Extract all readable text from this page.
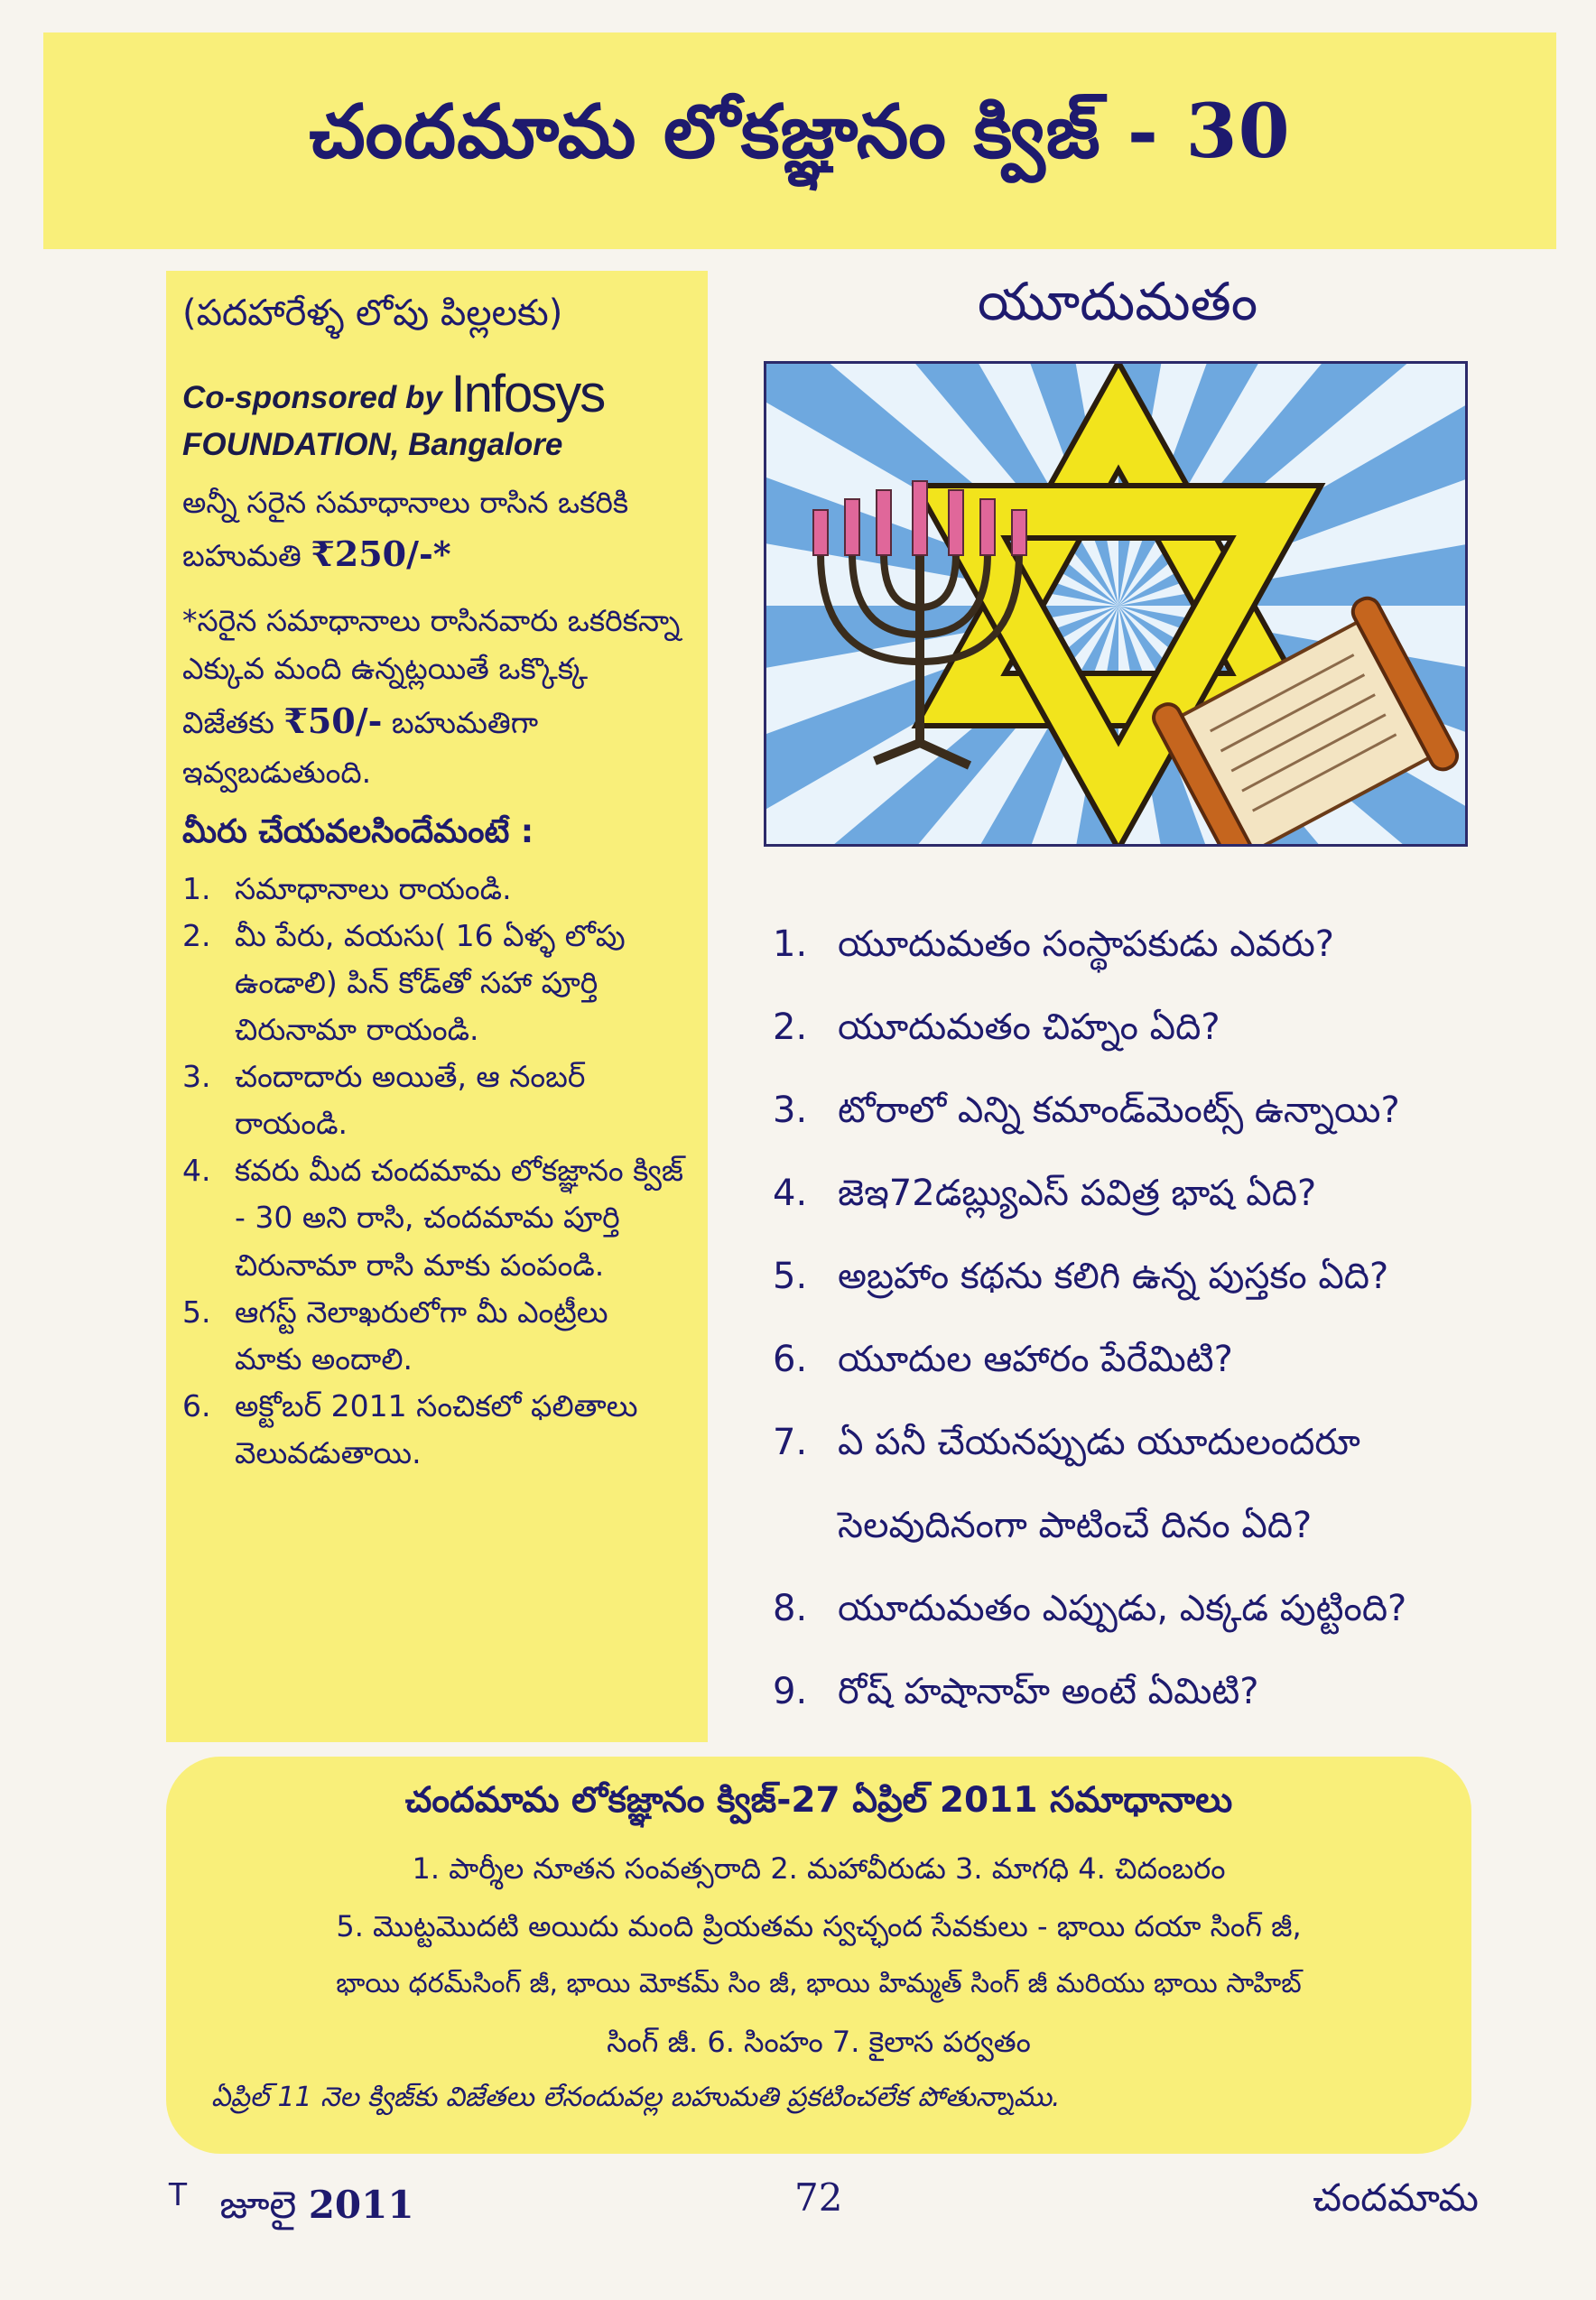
చందమామ లోకజ్ఞానం క్విజ్ - 30
(పదహారేళ్ళ లోపు పిల్లలకు)
Co-sponsored by Infosys
FOUNDATION, Bangalore

అన్నీ సరైన సమాధానాలు రాసిన ఒకరికి బహుమతి ₹250/-*

*సరైన సమాధానాలు రాసినవారు ఒకరికన్నా ఎక్కువ మంది ఉన్నట్లయితే ఒక్కొక్క విజేతకు ₹50/- బహుమతిగా ఇవ్వబడుతుంది.

మీరు చేయవలసిందేమంటే :
1. సమాధానాలు రాయండి.
2. మీ పేరు, వయసు( 16 ఏళ్ళ లోపు ఉండాలి) పిన్ కోడ్‌తో సహా పూర్తి చిరునామా రాయండి.
3. చందాదారు అయితే, ఆ నంబర్ రాయండి.
4. కవరు మీద చందమామ లోకజ్ఞానం క్విజ్ - 30 అని రాసి, చందమామ పూర్తి చిరునామా రాసి మాకు పంపండి.
5. ఆగస్ట్ నెలాఖరులోగా మీ ఎంట్రీలు మాకు అందాలి.
6. అక్టోబర్ 2011 సంచికలో ఫలితాలు వెలువడుతాయి.
యూదుమతం
1. యూదుమతం సంస్థాపకుడు ఎవరు?
2. యూదుమతం చిహ్నం ఏది?
3. టోరాలో ఎన్ని కమాండ్‌మెంట్స్ ఉన్నాయి?
4. జెఇ72డబ్ల్యుఎస్ పవిత్ర భాష ఏది?
5. అబ్రహాం కథను కలిగి ఉన్న పుస్తకం ఏది?
6. యూదుల ఆహారం పేరేమిటి?
7. ఏ పనీ చేయనప్పుడు యూదులందరూ సెలవుదినంగా పాటించే దినం ఏది?
8. యూదుమతం ఎప్పుడు, ఎక్కడ పుట్టింది?
9. రోష్ హషానాహ్ అంటే ఏమిటి?
చందమామ లోకజ్ఞానం క్విజ్-27 ఏప్రిల్ 2011 సమాధానాలు
1. పార్శీల నూతన సంవత్సరాది 2. మహావీరుడు 3. మాగధి 4. చిదంబరం
5. మొట్టమొదటి అయిదు మంది ప్రియతమ స్వచ్ఛంద సేవకులు - భాయి దయా సింగ్ జీ,
భాయి ధరమ్‌సింగ్ జీ, భాయి మోకమ్ సిం జీ, భాయి హిమ్మత్ సింగ్ జీ మరియు భాయి సాహిబ్
సింగ్ జీ. 6. సింహం 7. కైలాస పర్వతం
ఏప్రిల్ 11 నెల క్విజ్‌కు విజేతలు లేనందువల్ల బహుమతి ప్రకటించలేక పోతున్నాము.
T జూలై 2011	72	చందమామ
